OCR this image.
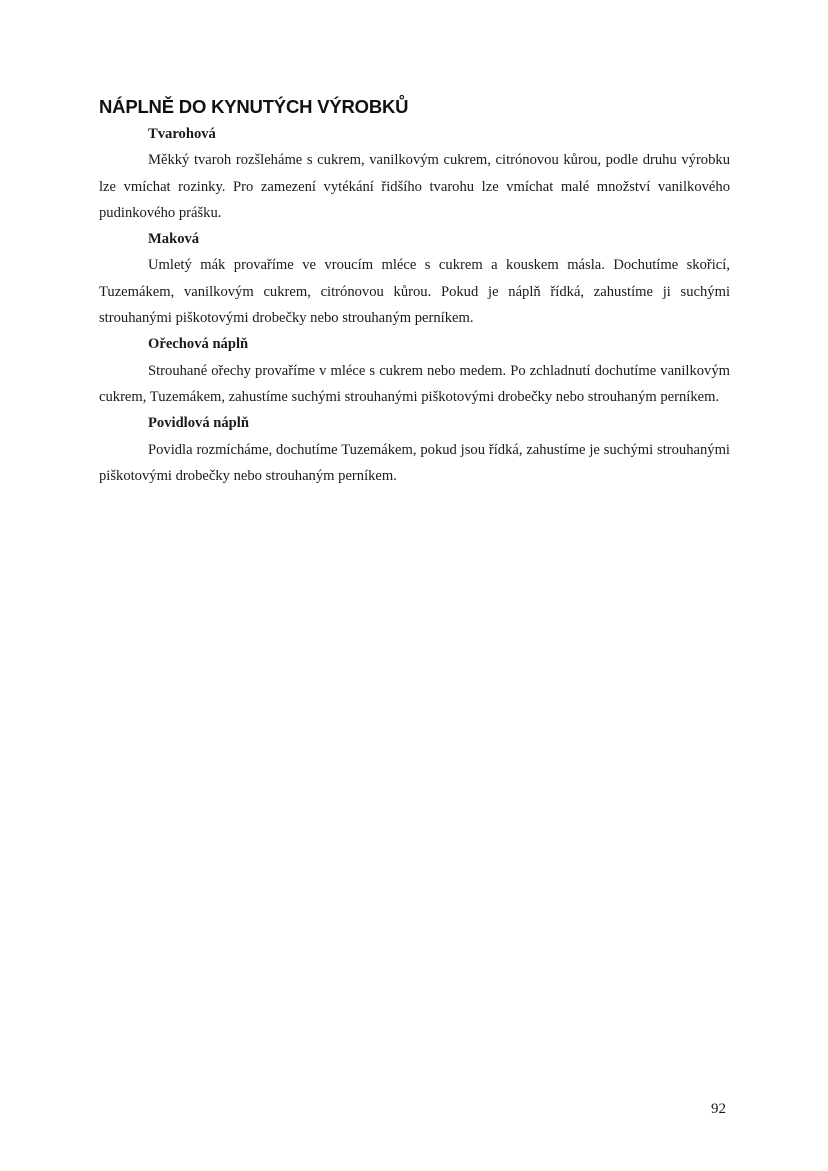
NÁPLNĚ DO KYNUTÝCH VÝROBKŮ

Tvarohová

Měkký tvaroh rozšleháme s cukrem, vanilkovým cukrem, citrónovou kůrou, podle druhu výrobku lze vmíchat rozinky. Pro zamezení vytékání řidšího tvarohu lze vmíchat malé množství vanilkového pudinkového prášku.

Maková

Umletý mák provaříme ve vroucím mléce s cukrem a kouskem másla. Dochutíme skořicí, Tuzemákem, vanilkovým cukrem, citrónovou kůrou. Pokud je náplň řídká, zahustíme ji suchými strouhanými piškotovými drobečky nebo strouhaným perníkem.

Ořechová náplň

Strouhané ořechy provaříme v mléce s cukrem nebo medem. Po zchladnutí dochutíme vanilkovým cukrem, Tuzemákem, zahustíme suchými strouhanými piškotovými drobečky nebo strouhaným perníkem.

Povidlová náplň

Povidla rozmícháme, dochutíme Tuzemákem, pokud jsou řídká, zahustíme je suchými strouhanými piškotovými drobečky nebo strouhaným perníkem.

92
